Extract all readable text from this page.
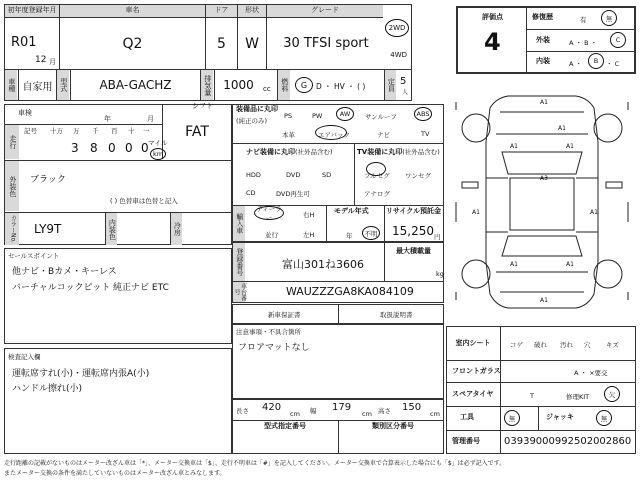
初年度登録年月
R01
12 月
車名
Q2
ドア
5
形状
W
グレード
30 TFSI sport
2WD
4WD
車種 自家用	型式	ABA-GACHZ	排気量 1000	cc	燃料 G D ・ HV ・ ( )	定員 5
人
車検
年	月
シフト
FAT
走行
記号 十万 万 千 百 十 一
3 8 0 0 0 マイル
km
外装色 ブラック
( ) 色替車は色替と記入
カラーNo. LY9T	内装色	冷房
装備品に丸印
(純正のみ)
PS	PW	AW サンルーフ	ABS
本革	エアバック	ナビ	TV
ナビ装備に丸印(社外品含む)
HDD	DVD	SD
CD	DVD再生可
TV装備に丸印(社外品含む)
フルセグ ワンセグ
アナログ
輸入車
ディーラー
並行
右H
左H
モデル年式
年 不明
リサイクル預託金
15,250 円
登録番号	富山301ね3606
最大積載量
kg
車台番号	WAUZZZGA8KA084109
新車保証書	取扱説明書
セールスポイント
他ナビ・Bカメ・キーレス
バーチャルコックピット 純正ナビ ETC
注意事項・不具合箇所
フロアマットなし
検査記入欄
運転席すれ(小)・運転席内張A(小)
ハンドル擦れ(小)
長さ 420
cm 幅 179
cm 高さ 150
cm
型式指定番号	類別区分番号
評価点
4
修復歴	有	無
外装	A ・ B ・	C
内装	A ・ B ・ C
A1
A1
A1	A1
A3
A1	A1
A1	A1
A1
室内シート	コゲ 破れ 汚れ 穴 キズ
フロントガラス	A ・ ×要交
スペアタイヤ	T	修理KIT	欠
工具	無	ジャッキ	無
管理番号 03939000992502002860
走行距離の記載がないものはメーター改ざん車は「*」、メーター交換車は「$」、走行不明車は「#」を記入してください。メーター交換車で合算表示した場合にも「$」は必ず記入です。
またメーター交換の条件を満たしていないものはメーター改ざん車とみなします。
